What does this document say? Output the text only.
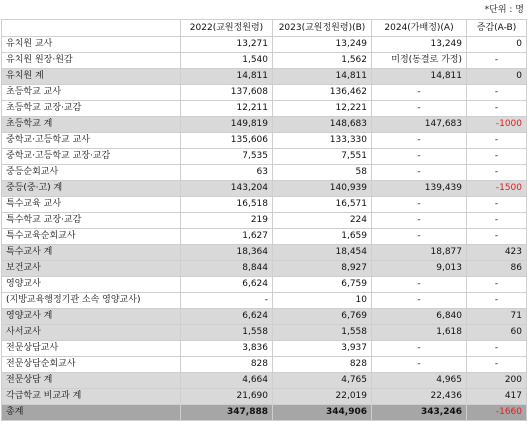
*단위 : 명
	2022(교원정원령)	2023(교원정원령)(B)	2024(가배정)(A)	증감(A-B)
유치원 교사	13,271	13,249	13,249	0
유치원 원장·원감	1,540	1,562	미정(동결로 가정)	-
유치원 계	14,811	14,811	14,811	0
초등학교 교사	137,608	136,462	-	-
초등학교 교장·교감	12,211	12,221	-	-
초등학교 계	149,819	148,683	147,683	-1000
중학교·고등학교 교사	135,606	133,330	-	-
중학교·고등학교 교장·교감	7,535	7,551	-	-
중등순회교사	63	58	-	-
중등(중·고) 계	143,204	140,939	139,439	-1500
특수교육 교사	16,518	16,571	-	-
특수학교 교장·교감	219	224	-	-
특수교육순회교사	1,627	1,659	-	-
특수교사 계	18,364	18,454	18,877	423
보건교사	8,844	8,927	9,013	86
영양교사	6,624	6,759	-	-
(지방교육행정기관 소속 영양교사)	-	10	-	-
영양교사 계	6,624	6,769	6,840	71
사서교사	1,558	1,558	1,618	60
전문상담교사	3,836	3,937	-	-
전문상담순회교사	828	828	-	-
전문상담 계	4,664	4,765	4,965	200
각급학교 비교과 계	21,690	22,019	22,436	417
총계	347,888	344,906	343,246	-1660
